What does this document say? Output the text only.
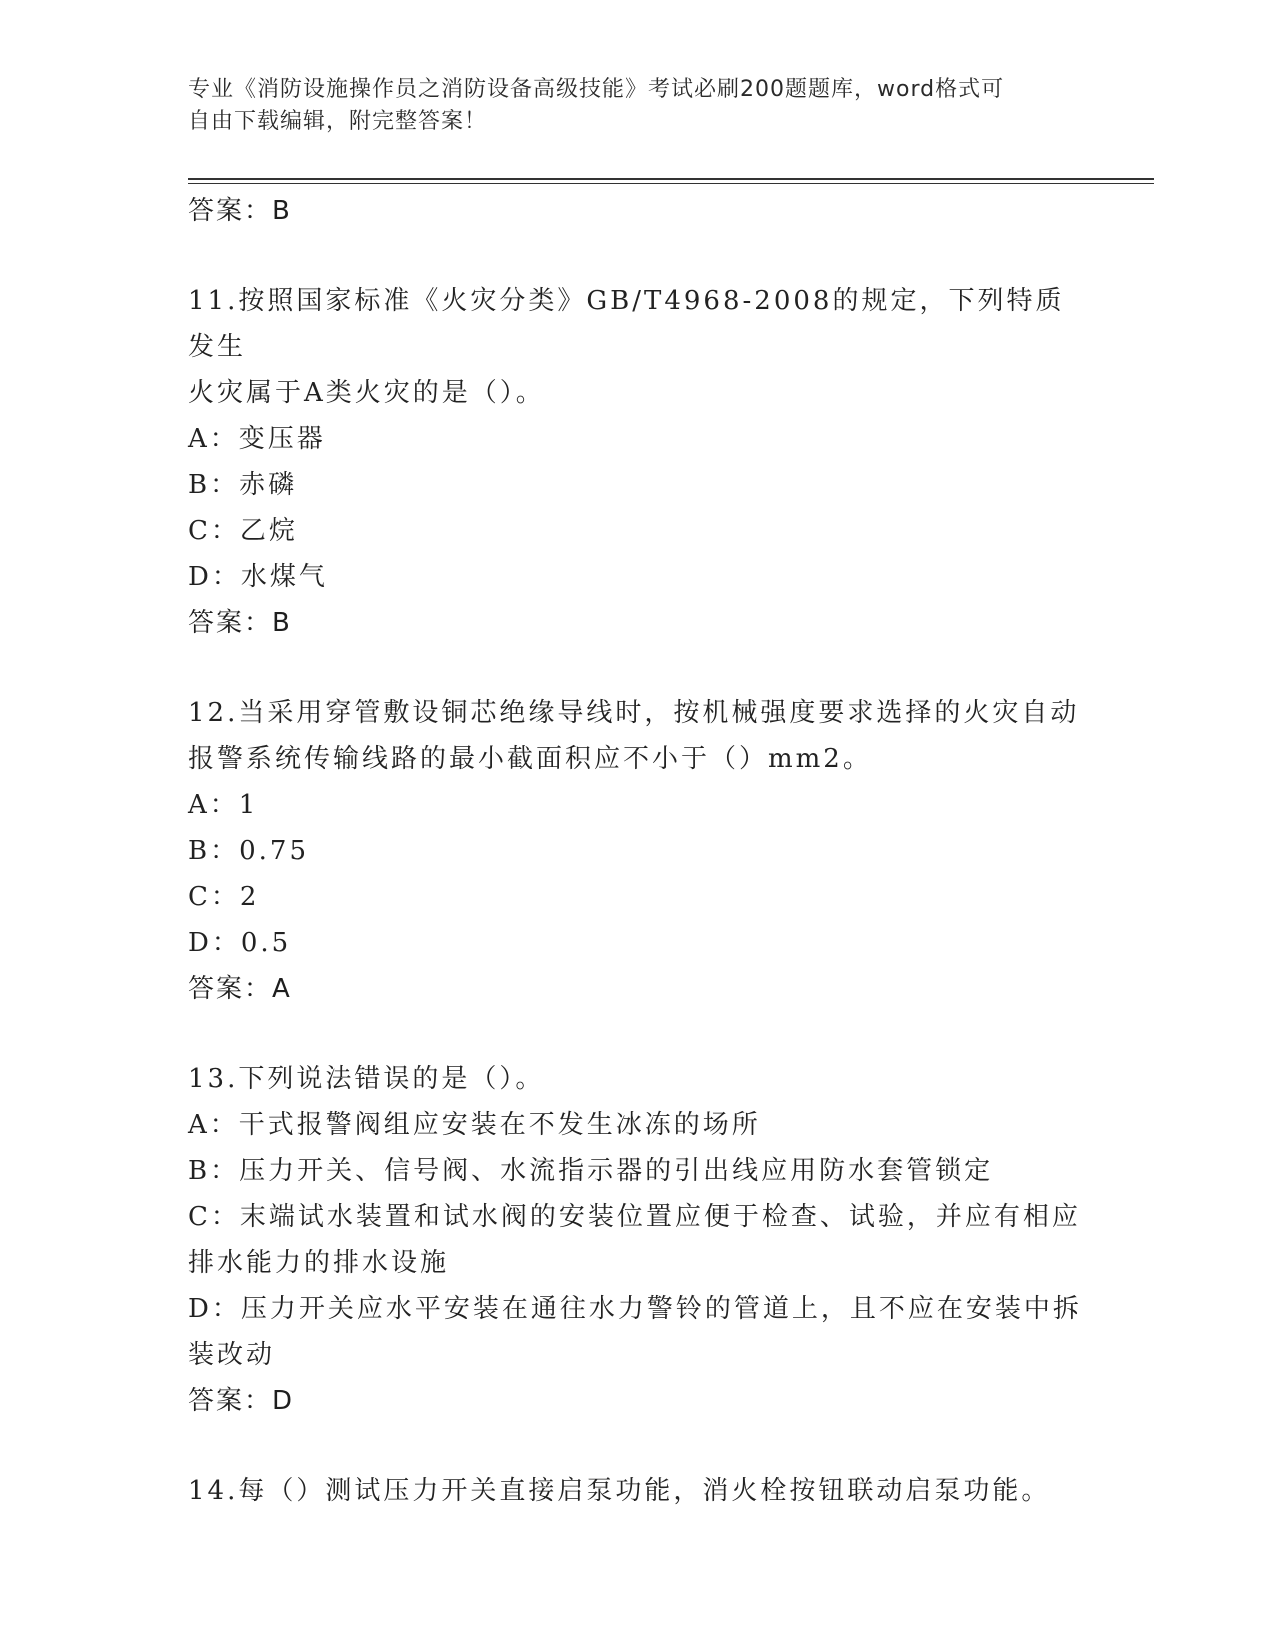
专业《消防设施操作员之消防设备高级技能》考试必刷200题题库，word格式可
自由下载编辑，附完整答案！
答案：B
11.按照国家标准《火灾分类》GB/T4968-2008的规定，下列特质发生
火灾属于A类火灾的是（）。
A：变压器
B：赤磷
C：乙烷
D：水煤气
答案：B
12.当采用穿管敷设铜芯绝缘导线时，按机械强度要求选择的火灾自动
报警系统传输线路的最小截面积应不小于（）mm2。
A：1
B：0.75
C：2
D：0.5
答案：A
13.下列说法错误的是（）。
A：干式报警阀组应安装在不发生冰冻的场所
B：压力开关、信号阀、水流指示器的引出线应用防水套管锁定
C：末端试水装置和试水阀的安装位置应便于检查、试验，并应有相应
排水能力的排水设施
D：压力开关应水平安装在通往水力警铃的管道上，且不应在安装中拆
装改动
答案：D
14.每（）测试压力开关直接启泵功能，消火栓按钮联动启泵功能。
